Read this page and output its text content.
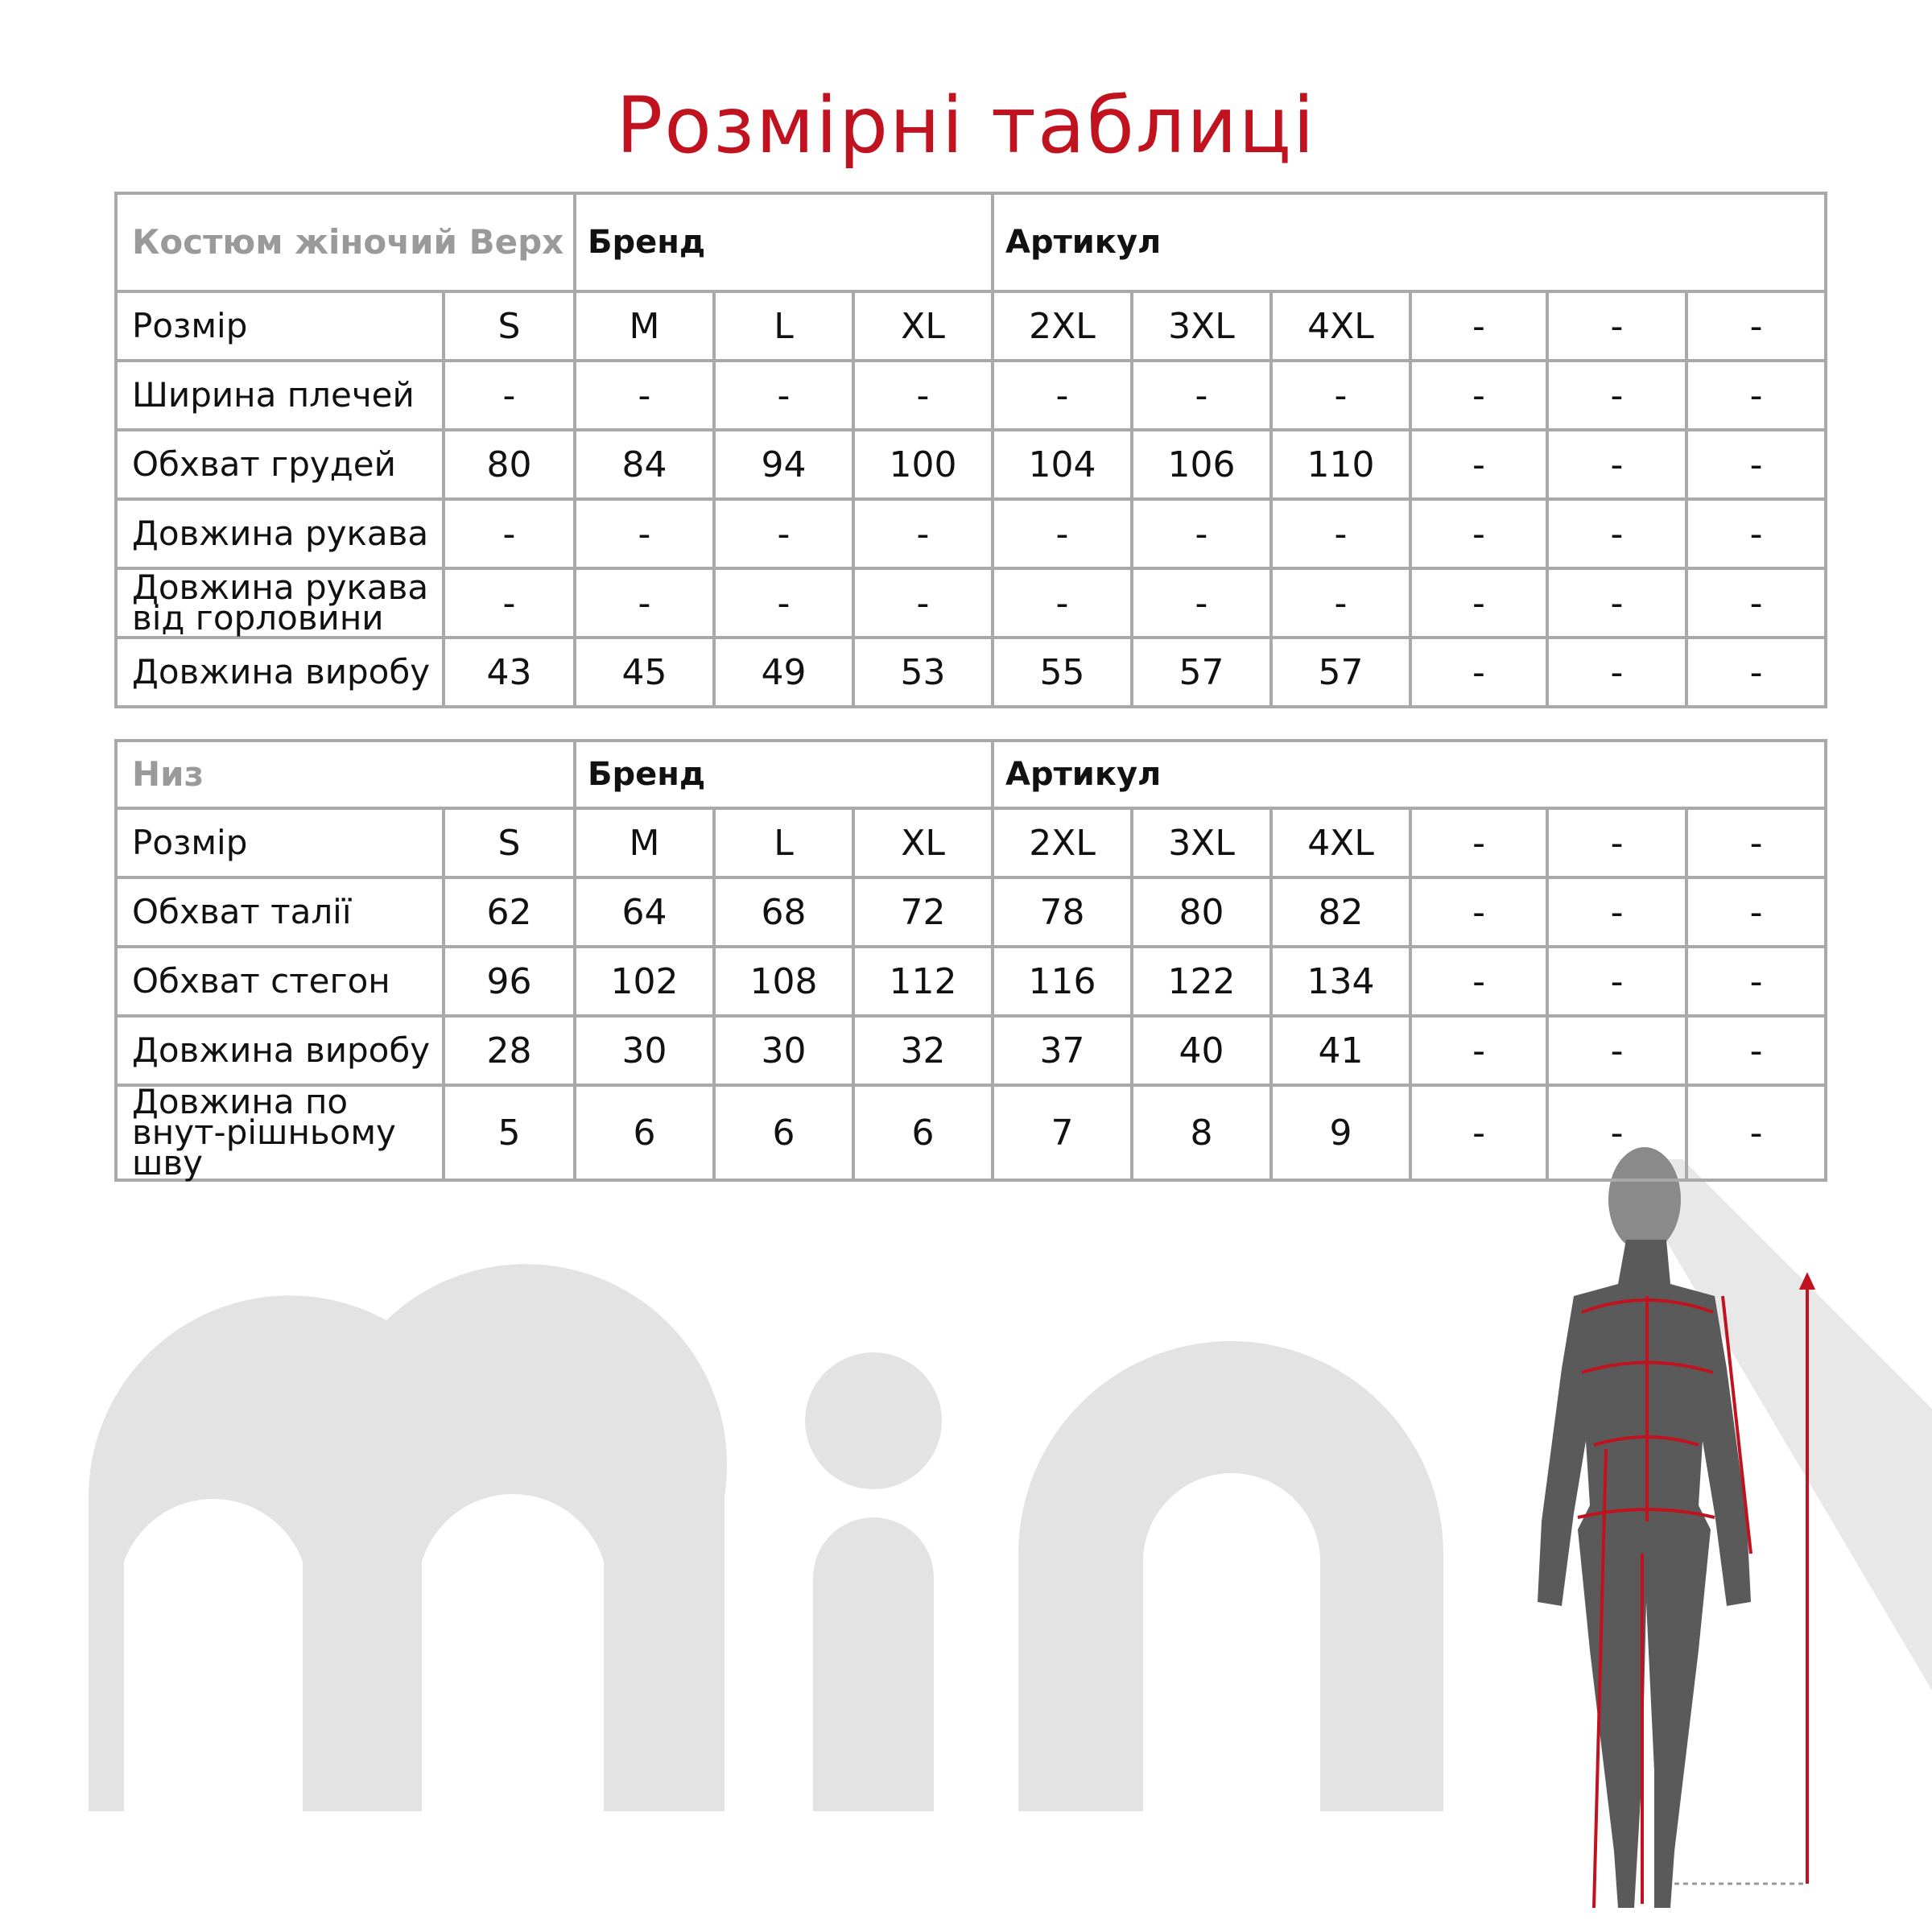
Розмірні таблиці
Костюм жіночий Верх		Бренд			Артикул					
Розмір	S	M	L	XL	2XL	3XL	4XL	-	-	-
Ширина плечей	-	-	-	-	-	-	-	-	-	-
Обхват грудей	80	84	94	100	104	106	110	-	-	-
Довжина рукава	-	-	-	-	-	-	-	-	-	-
Довжина рукава від горловини	-	-	-	-	-	-	-	-	-	-
Довжина виробу	43	45	49	53	55	57	57	-	-	-
Низ		Бренд			Артикул					
Розмір	S	M	L	XL	2XL	3XL	4XL	-	-	-
Обхват талії	62	64	68	72	78	80	82	-	-	-
Обхват стегон	96	102	108	112	116	122	134	-	-	-
Довжина виробу	28	30	30	32	37	40	41	-	-	-
Довжина по внут-рішньому шву	5	6	6	6	7	8	9	-	-	-
